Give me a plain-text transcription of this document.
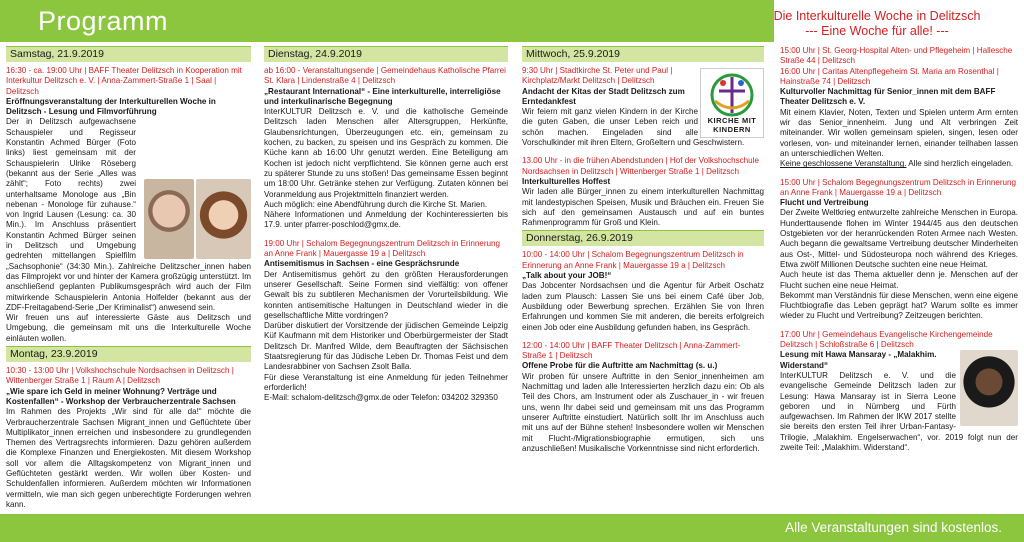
Programm	Die Interkulturelle Woche in Delitzsch
--- Eine Woche für alle! ---
Samstag, 21.9.2019
16:30 - ca. 19:00 Uhr | BAFF Theater Delitzsch in Kooperation mit Interkultur Delitzsch e. V. | Anna-Zammert-Straße 1 | Saal | Delitzsch
Eröffnungsveranstaltung der Interkulturellen Woche in Delitzsch - Lesung und Filmvorführung
Der in Delitzsch aufgewachsene Schauspieler und Regisseur Konstantin Achmed Bürger (Foto links) liest gemeinsam mit der Schauspielerin Ulrike Röseberg (bekannt aus der Serie „Alles was zählt“; Foto rechts) zwei unterhaltsame Monologe aus „Bin nebenan - Monologe für zuhause.“ von Ingrid Lausen (Lesung: ca. 30 Min.). Im Anschluss präsentiert Konstantin Achmed Bürger seinen in Delitzsch und Umgebung gedrehten mittellangen Spielfilm „Sachsophonie“ (34:30 Min.). Zahlreiche Delitzscher_innen haben das Filmprojekt vor und hinter der Kamera großzügig unterstützt. Im anschließend geplanten Publikumsgespräch wird auch der Film mitwirkende Schauspielerin Antonia Holfelder (bekannt aus der ZDF-Freitagabend-Serie „Der Kriminalist“) anwesend sein.
Wir freuen uns auf interessierte Gäste aus Delitzsch und Umgebung, die gemeinsam mit uns die Interkulturelle Woche einläuten wollen.
Montag, 23.9.2019
10:30 - 13:00 Uhr | Volkshochschule Nordsachsen in Delitzsch | Wittenberger Straße 1 | Raum A | Delitzsch
„Wie spare ich Geld in meiner Wohnung? Verträge und Kostenfallen“ - Workshop der Verbraucherzentrale Sachsen
Im Rahmen des Projekts „Wir sind für alle da!“ möchte die Verbraucherzentrale Sachsen Migrant_innen und Geflüchtete über Multiplikator_innen erreichen und insbesondere zu grundlegenden Themen des Vertragsrechts informieren. Dazu gehören außerdem die Komplexe Finanzen und Energiekosten. Mit diesem Workshop soll vor allem die Alltagskompetenz von Migrant_innen und Geflüchteten gestärkt werden. Wir wollen über Kosten- und Schuldenfallen informieren. Außerdem möchten wir Informationen vermitteln, wie man sich gegen unberechtigte Forderungen wehren kann.
Dienstag, 24.9.2019
ab 16:00 - Veranstaltungsende | Gemeindehaus Katholische Pfarrei St. Klara | Lindenstraße 4 | Delitzsch
„Restaurant International“ - Eine interkulturelle, interreligiöse und interkulinarische Begegnung
InterKULTUR Delitzsch e. V. und die katholische Gemeinde Delitzsch laden Menschen aller Altersgruppen, Herkünfte, Glaubensrichtungen, Überzeugungen etc. ein, gemeinsam zu kochen, zu backen, zu speisen und ins Gespräch zu kommen. Die Küche kann ab 16:00 Uhr genutzt werden. Eine Beteiligung am Kochen ist jedoch nicht verpflichtend. Sie können gerne auch erst zu späterer Stunde zu uns stoßen! Das gemeinsame Essen beginnt um 18:00 Uhr. Getränke stehen zur Verfügung. Zutaten können bei Voranmeldung aus Projektmitteln finanziert werden.
Auch möglich: eine Abendführung durch die Kirche St. Marien.
Nähere Informationen und Anmeldung der Kochinteressierten bis 17.9. unter pfarrer-poschlod@gmx.de.
19:00 Uhr | Schalom Begegnungszentrum Delitzsch in Erinnerung an Anne Frank | Mauergasse 19 a | Delitzsch
Antisemitismus in Sachsen - eine Gesprächsrunde
Der Antisemitismus gehört zu den größten Herausforderungen unserer Gesellschaft. Seine Formen sind vielfältig: von offener Gewalt bis zu subtileren Mechanismen der Vorurteilsbildung. Wie konnten antisemitische Haltungen in Deutschland wieder in die gesellschaftliche Mitte vordringen?
Darüber diskutiert der Vorsitzende der jüdischen Gemeinde Leipzig Küf Kaufmann mit dem Historiker und Oberbürgermeister der Stadt Delitzsch Dr. Manfred Wilde, dem Beauftragten der Sächsischen Staatsregierung für das Jüdische Leben Dr. Thomas Feist und dem Landesrabbiner von Sachsen Zsolt Balla.
Für diese Veranstaltung ist eine Anmeldung für jeden Teilnehmer erforderlich!
E-Mail: schalom-delitzsch@gmx.de oder Telefon: 034202 329350
Mittwoch, 25.9.2019
KIRCHE MIT KINDERN
9:30 Uhr | Stadtkirche St. Peter und Paul | Kirchplatz/Markt Delitzsch | Delitzsch
Andacht der Kitas der Stadt Delitzsch zum Erntedankfest
Wir feiern mit ganz vielen Kindern in der Kirche die guten Gaben, die unser Leben reich und schön machen. Eingeladen sind alle Vorschulkinder mit ihren Eltern, Großeltern und Geschwistern.
13.00 Uhr - in die frühen Abendstunden | Hof der Volkshochschule Nordsachsen in Delitzsch | Wittenberger Straße 1 | Delitzsch
Interkulturelles Hoffest
Wir laden alle Bürger_innen zu einem interkulturellen Nachmittag mit landestypischen Speisen, Musik und Bräuchen ein. Freuen Sie sich auf den gemeinsamen Austausch und auf ein buntes Rahmenprogramm für Groß und Klein.
Donnerstag, 26.9.2019
10:00 - 14:00 Uhr | Schalom Begegnungszentrum Delitzsch in Erinnerung an Anne Frank | Mauergasse 19 a | Delitzsch
„Talk about your JOB!“
Das Jobcenter Nordsachsen und die Agentur für Arbeit Oschatz laden zum Plausch: Lassen Sie uns bei einem Café über Job, Ausbildung oder Bewerbung sprechen. Erzählen Sie von Ihren Erfahrungen und kommen Sie mit anderen, die bereits erfolgreich einen Job oder eine Ausbildung gefunden haben, ins Gespräch.
12:00 - 14:00 Uhr | BAFF Theater Delitzsch | Anna-Zammert-Straße 1 | Delitzsch
Offene Probe für die Auftritte am Nachmittag (s. u.)
Wir proben für unsere Auftritte in den Senior_innenheimen am Nachmittag und laden alle Interessierten herzlich dazu ein: Ob als Teil des Chors, am Instrument oder als Zuschauer_in - wir freuen uns, wenn Ihr dabei seid und gemeinsam mit uns das Programm unserer Auftritte einstudiert. Natürlich sollt Ihr im Anschluss auch mit uns auf der Bühne stehen! Insbesondere wollen wir Menschen mit Flucht-/Migrationsbiographie ermutigen, sich uns anzuschließen! Musikalische Vorkenntnisse sind nicht erforderlich.
15:00 Uhr | St. Georg-Hospital Alten- und Pflegeheim | Hallesche Straße 44 | Delitzsch
16:00 Uhr | Caritas Altenpflegeheim St. Maria am Rosenthal | Hainstraße 74 | Delitzsch
Kulturvoller Nachmittag für Senior_innen mit dem BAFF Theater Delitzsch e. V.
Mit einem Klavier, Noten, Texten und Spielen unterm Arm ernten wir das Senior_innenheim. Jung und Alt verbringen Zeit miteinander. Wir wollen gemeinsam spielen, singen, lesen oder vorlesen, von- und miteinander lernen, einander teilhaben lassen an unterschiedlichen Welten.
Keine geschlossene Veranstaltung. Alle sind herzlich eingeladen.
15:00 Uhr | Schalom Begegnungszentrum Delitzsch in Erinnerung an Anne Frank | Mauergasse 19 a | Delitzsch
Flucht und Vertreibung
Der Zweite Weltkrieg entwurzelte zahlreiche Menschen in Europa. Hunderttausende flohen im Winter 1944/45 aus den deutschen Ostgebieten vor der heranrückenden Roten Armee nach Westen. Auch begann die gewaltsame Vertreibung deutscher Minderheiten aus Ost-, Mittel- und Südosteuropa noch während des Krieges. Etwa zwölf Millionen Deutsche suchten eine neue Heimat.
Auch heute ist das Thema aktueller denn je. Menschen auf der Flucht suchen eine neue Heimat.
Bekommt man Verständnis für diese Menschen, wenn eine eigene Fluchtbiografie das Leben geprägt hat? Warum sollte es immer wieder zu Flucht und Vertreibung? Zeitzeugen berichten.
17:00 Uhr | Gemeindehaus Evangelische Kirchengemeinde Delitzsch | Schloßstraße 6 | Delitzsch
Lesung mit Hawa Mansaray - „Malakhim. Widerstand“
InterKULTUR Delitzsch e. V. und die evangelische Gemeinde Delitzsch laden zur Lesung: Hawa Mansaray ist in Sierra Leone geboren und in Nürnberg und Fürth aufgewachsen. Im Rahmen der IKW 2017 stellte sie bereits den ersten Teil ihrer Urban-Fantasy-Trilogie, „Malakhim. Engelserwachen“, vor. 2019 folgt nun der zweite Teil: „Malakhim. Widerstand“.
Alle Veranstaltungen sind kostenlos.
